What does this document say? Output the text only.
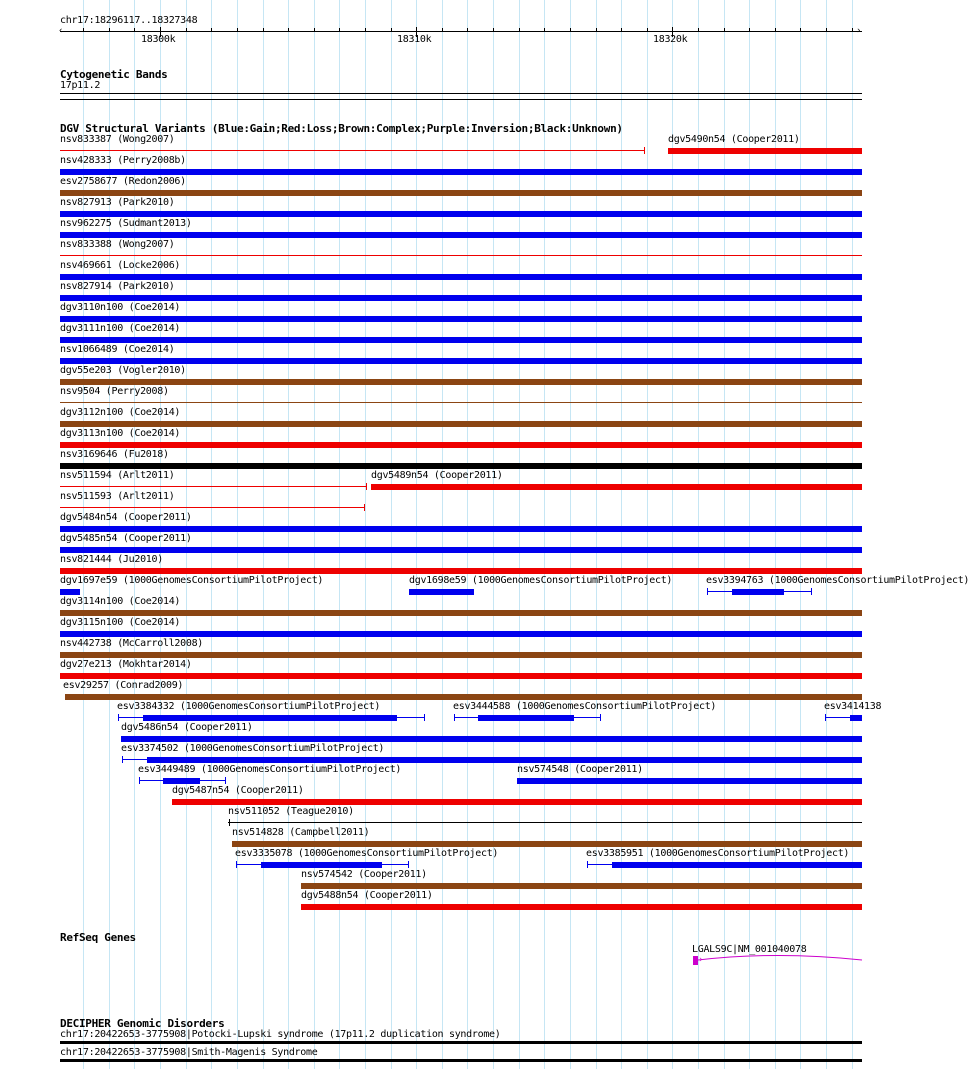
chr17:18296117..18327348
‹	›
18300k	18310k	18320k
Cytogenetic Bands
17p11.2
DGV Structural Variants (Blue:Gain;Red:Loss;Brown:Complex;Purple:Inversion;Black:Unknown)
nsv833387 (Wong2007)	dgv5490n54 (Cooper2011)
nsv428333 (Perry2008b)
esv2758677 (Redon2006)
nsv827913 (Park2010)
nsv962275 (Sudmant2013)
nsv833388 (Wong2007)
nsv469661 (Locke2006)
nsv827914 (Park2010)
dgv3110n100 (Coe2014)
dgv3111n100 (Coe2014)
nsv1066489 (Coe2014)
dgv55e203 (Vogler2010)
nsv9504 (Perry2008)
dgv3112n100 (Coe2014)
dgv3113n100 (Coe2014)
nsv3169646 (Fu2018)
nsv511594 (Arlt2011)	dgv5489n54 (Cooper2011)
nsv511593 (Arlt2011)
dgv5484n54 (Cooper2011)
dgv5485n54 (Cooper2011)
nsv821444 (Ju2010)
dgv1697e59 (1000GenomesConsortiumPilotProject)	dgv1698e59 (1000GenomesConsortiumPilotProject)	esv3394763 (1000GenomesConsortiumPilotProject)
dgv3114n100 (Coe2014)
dgv3115n100 (Coe2014)
nsv442738 (McCarroll2008)
dgv27e213 (Mokhtar2014)
esv29257 (Conrad2009)
esv3384332 (1000GenomesConsortiumPilotProject)	esv3444588 (1000GenomesConsortiumPilotProject)	esv3414138
dgv5486n54 (Cooper2011)
esv3374502 (1000GenomesConsortiumPilotProject)
esv3449489 (1000GenomesConsortiumPilotProject)	nsv574548 (Cooper2011)
dgv5487n54 (Cooper2011)
nsv511052 (Teague2010)
nsv514828 (Campbell2011)
esv3335078 (1000GenomesConsortiumPilotProject)	esv3385951 (1000GenomesConsortiumPilotProject)
nsv574542 (Cooper2011)
dgv5488n54 (Cooper2011)
RefSeq Genes
LGALS9C|NM_001040078
›
DECIPHER Genomic Disorders
chr17:20422653-3775908|Potocki-Lupski syndrome (17p11.2 duplication syndrome)
chr17:20422653-3775908|Smith-Magenis Syndrome
